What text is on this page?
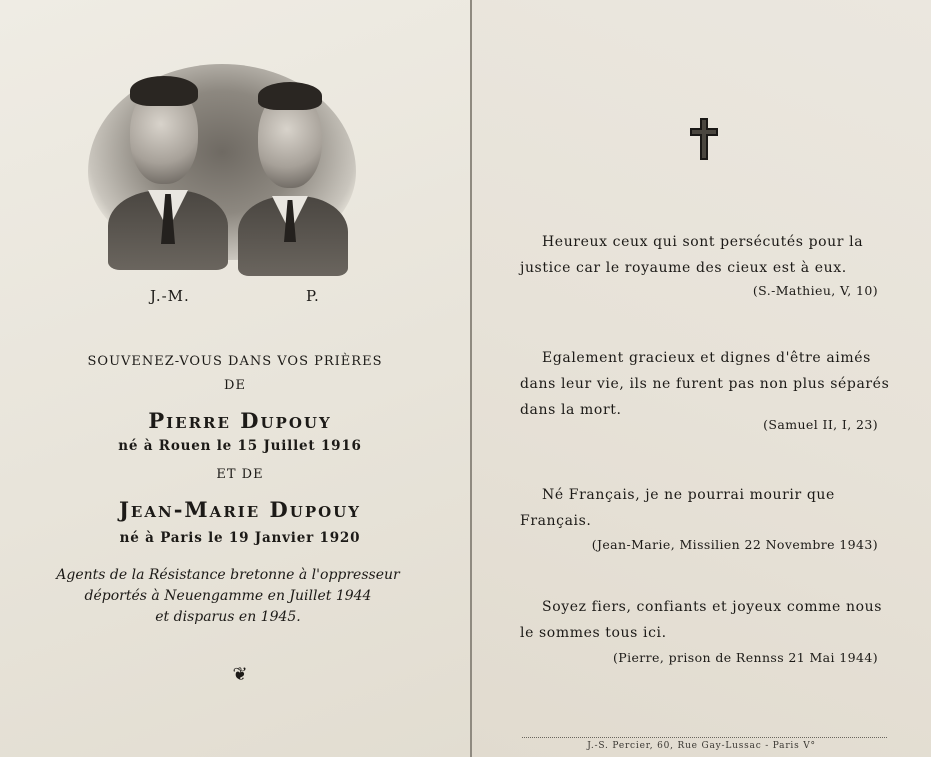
J.-M.	P.
SOUVENEZ-VOUS DANS VOS PRIÈRES
DE
Pierre Dupouy
né à Rouen le 15 Juillet 1916
ET DE
Jean-Marie Dupouy
né à Paris le 19 Janvier 1920
Agents de la Résistance bretonne à l'oppresseur
déportés à Neuengamme en Juillet 1944
et disparus en 1945.
❦
Heureux ceux qui sont persécutés pour la justice car le royaume des cieux est à eux.
(S.-Mathieu, V, 10)
Egalement gracieux et dignes d'être aimés dans leur vie, ils ne furent pas non plus séparés dans la mort.
(Samuel II, I, 23)
Né Français, je ne pourrai mourir que Français.
(Jean-Marie, Missilien 22 Novembre 1943)
Soyez fiers, confiants et joyeux comme nous le sommes tous ici.
(Pierre, prison de Rennss 21 Mai 1944)
J.-S. Percier, 60, Rue Gay-Lussac - Paris V°
